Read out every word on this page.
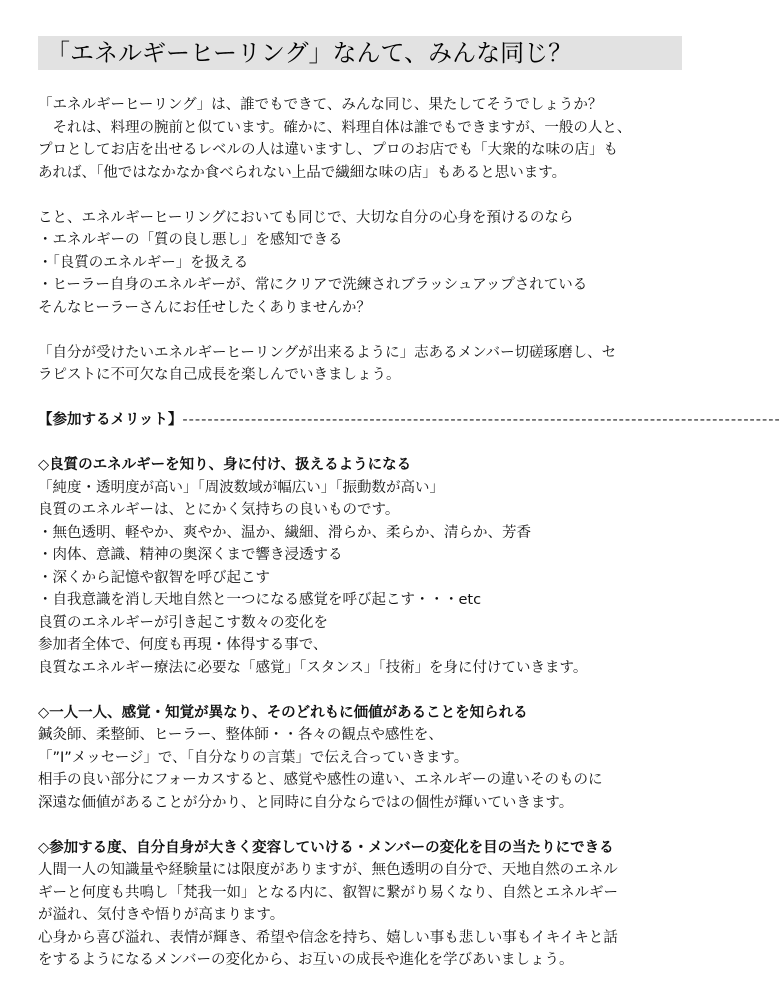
「エネルギーヒーリング」なんて、みんな同じ？
「エネルギーヒーリング」は、誰でもできて、みんな同じ、果たしてそうでしょうか？
　それは、料理の腕前と似ています。確かに、料理自体は誰でもできますが、一般の人と、
プロとしてお店を出せるレベルの人は違いますし、プロのお店でも「大衆的な味の店」も
あれば、「他ではなかなか食べられない上品で繊細な味の店」もあると思います。
こと、エネルギーヒーリングにおいても同じで、大切な自分の心身を預けるのなら
・エネルギーの「質の良し悪し」を感知できる
・「良質のエネルギー」を扱える
・ヒーラー自身のエネルギーが、常にクリアで洗練されブラッシュアップされている
そんなヒーラーさんにお任せしたくありませんか？
「自分が受けたいエネルギーヒーリングが出来るように」志あるメンバー切磋琢磨し、セ
ラピストに不可欠な自己成長を楽しんでいきましょう。
【参加するメリット】 ------------------------------------------------------------------------------------------------
◇良質のエネルギーを知り、身に付け、扱えるようになる
「純度・透明度が高い」「周波数域が幅広い」「振動数が高い」
良質のエネルギーは、とにかく気持ちの良いものです。
・無色透明、軽やか、爽やか、温か、繊細、滑らか、柔らか、清らか、芳香
・肉体、意識、精神の奥深くまで響き浸透する
・深くから記憶や叡智を呼び起こす
・自我意識を消し天地自然と一つになる感覚を呼び起こす・・・etc
良質のエネルギーが引き起こす数々の変化を
参加者全体で、何度も再現・体得する事で、
良質なエネルギー療法に必要な「感覚」「スタンス」「技術」を身に付けていきます。
◇一人一人、感覚・知覚が異なり、そのどれもに価値があることを知られる
鍼灸師、柔整師、ヒーラー、整体師・・各々の観点や感性を、
「”I”メッセージ」で、「自分なりの言葉」で伝え合っていきます。
相手の良い部分にフォーカスすると、感覚や感性の違い、エネルギーの違いそのものに
深遠な価値があることが分かり、と同時に自分ならではの個性が輝いていきます。
◇参加する度、自分自身が大きく変容していける・メンバーの変化を目の当たりにできる
人間一人の知識量や経験量には限度がありますが、無色透明の自分で、天地自然のエネル
ギーと何度も共鳴し「梵我一如」となる内に、叡智に繋がり易くなり、自然とエネルギー
が溢れ、気付きや悟りが高まります。
心身から喜び溢れ、表情が輝き、希望や信念を持ち、嬉しい事も悲しい事もイキイキと話
をするようになるメンバーの変化から、お互いの成長や進化を学びあいましょう。
